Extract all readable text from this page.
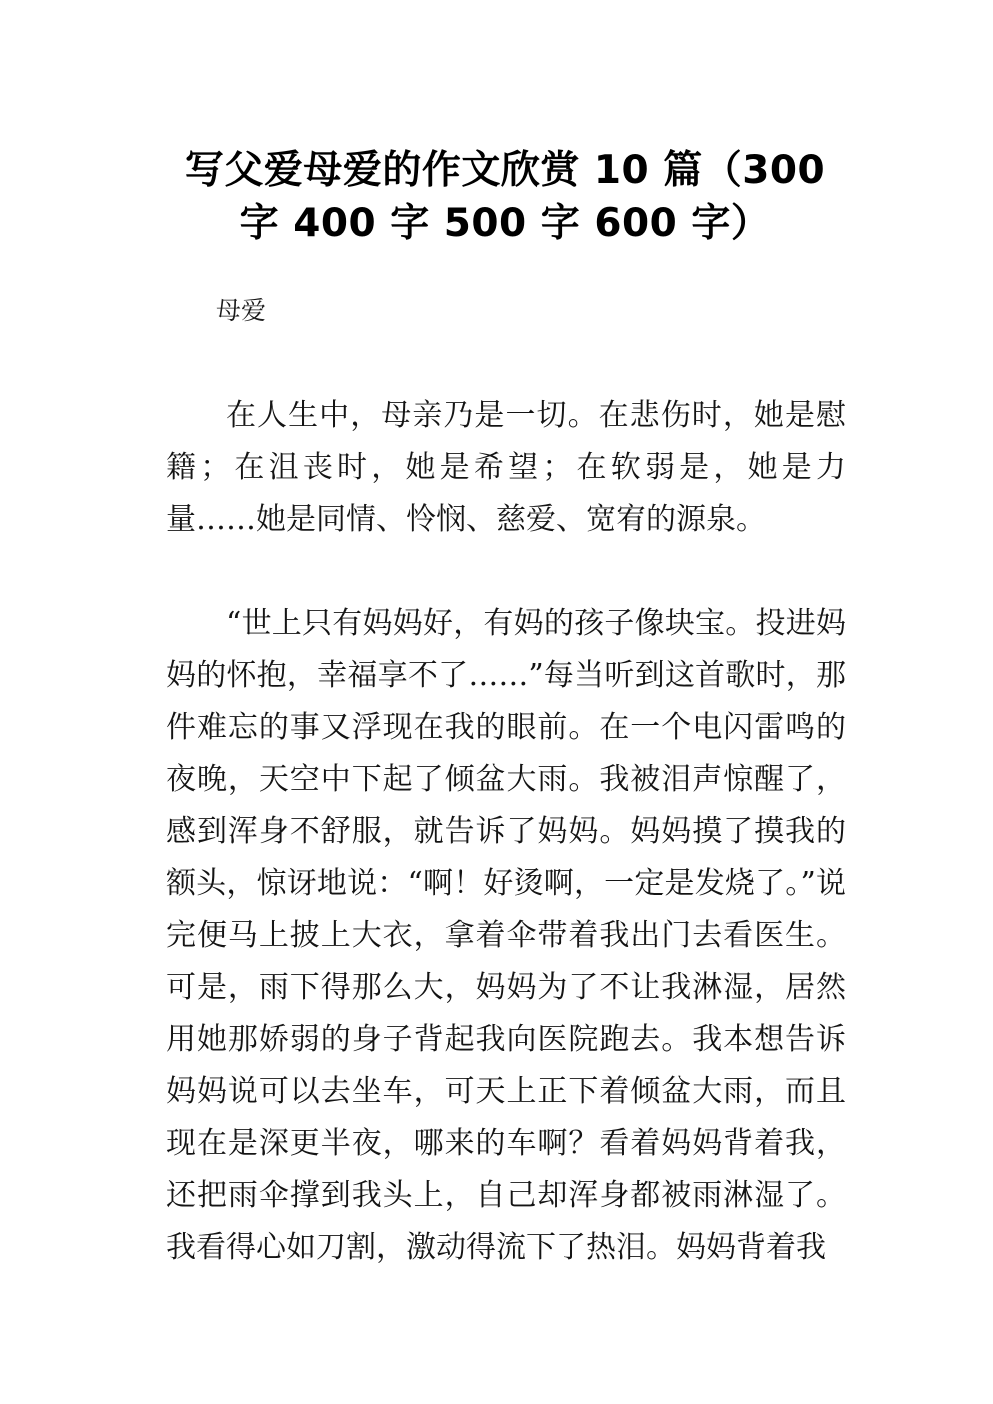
写父爱母爱的作文欣赏 10 篇（300 字 400 字 500 字 600 字）

母爱

在人生中，母亲乃是一切。在悲伤时，她是慰籍；在沮丧时，她是希望；在软弱是，她是力量……她是同情、怜悯、慈爱、宽宥的源泉。

“世上只有妈妈好，有妈的孩子像块宝。投进妈妈的怀抱，幸福享不了……”每当听到这首歌时，那件难忘的事又浮现在我的眼前。在一个电闪雷鸣的夜晚，天空中下起了倾盆大雨。我被泪声惊醒了，感到浑身不舒服，就告诉了妈妈。妈妈摸了摸我的额头，惊讶地说：“啊！好烫啊，一定是发烧了。”说完便马上披上大衣，拿着伞带着我出门去看医生。可是，雨下得那么大，妈妈为了不让我淋湿，居然用她那娇弱的身子背起我向医院跑去。我本想告诉妈妈说可以去坐车，可天上正下着倾盆大雨，而且现在是深更半夜，哪来的车啊？看着妈妈背着我，还把雨伞撑到我头上，自己却浑身都被雨淋湿了。我看得心如刀割，激动得流下了热泪。妈妈背着我
